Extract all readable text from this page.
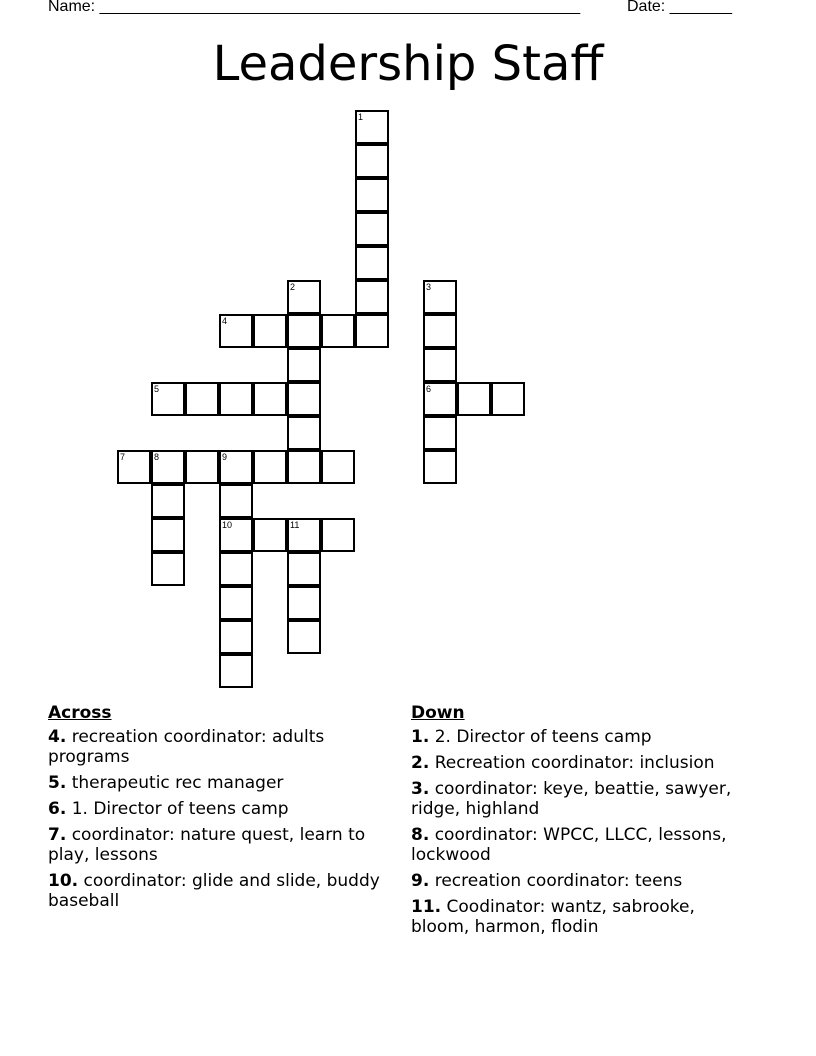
Name: ______________________________________________________	Date: _______
Leadership Staff
1
2	3
6
4
5
7	8	9
10	11
Across
4. recreation coordinator: adults programs
5. therapeutic rec manager
6. 1. Director of teens camp
7. coordinator: nature quest, learn to play, lessons
10. coordinator: glide and slide, buddy baseball
Down
1. 2. Director of teens camp
2. Recreation coordinator: inclusion
3. coordinator: keye, beattie, sawyer, ridge, highland
8. coordinator: WPCC, LLCC, lessons, lockwood
9. recreation coordinator: teens
11. Coodinator: wantz, sabrooke, bloom, harmon, flodin
